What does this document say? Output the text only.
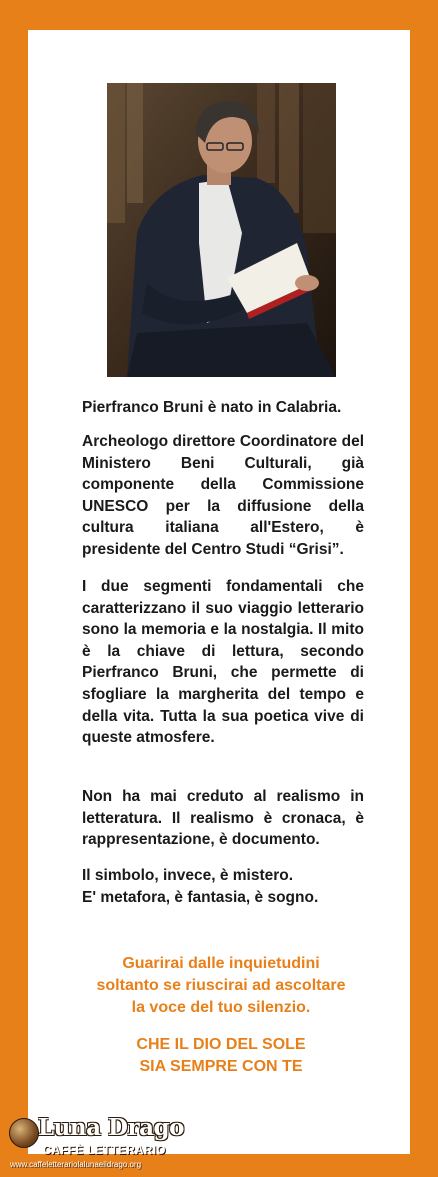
Pierfranco Bruni è nato in Calabria.

Archeologo direttore Coordinatore del Ministero Beni Culturali, già componente della Commissione UNESCO per la diffusione della cultura italiana all'Estero, è presidente del Centro Studi “Grisi”.

I due segmenti fondamentali che caratterizzano il suo viaggio letterario sono la memoria e la nostalgia. Il mito è la chiave di lettura, secondo Pierfranco Bruni, che permette di sfogliare la margherita del tempo e della vita. Tutta la sua poetica vive di queste atmosfere.

Non ha mai creduto al realismo in letteratura. Il realismo è cronaca, è rappresentazione, è documento.

Il simbolo, invece, è mistero.
E' metafora, è fantasia, è sogno.

Guarirai dalle inquietudini
soltanto se riuscirai ad ascoltare
la voce del tuo silenzio.

CHE IL DIO DEL SOLE
SIA SEMPRE CON TE

Luna Drago
CAFFÈ LETTERARIO
www.caffeletterariolalunaeildrago.org
